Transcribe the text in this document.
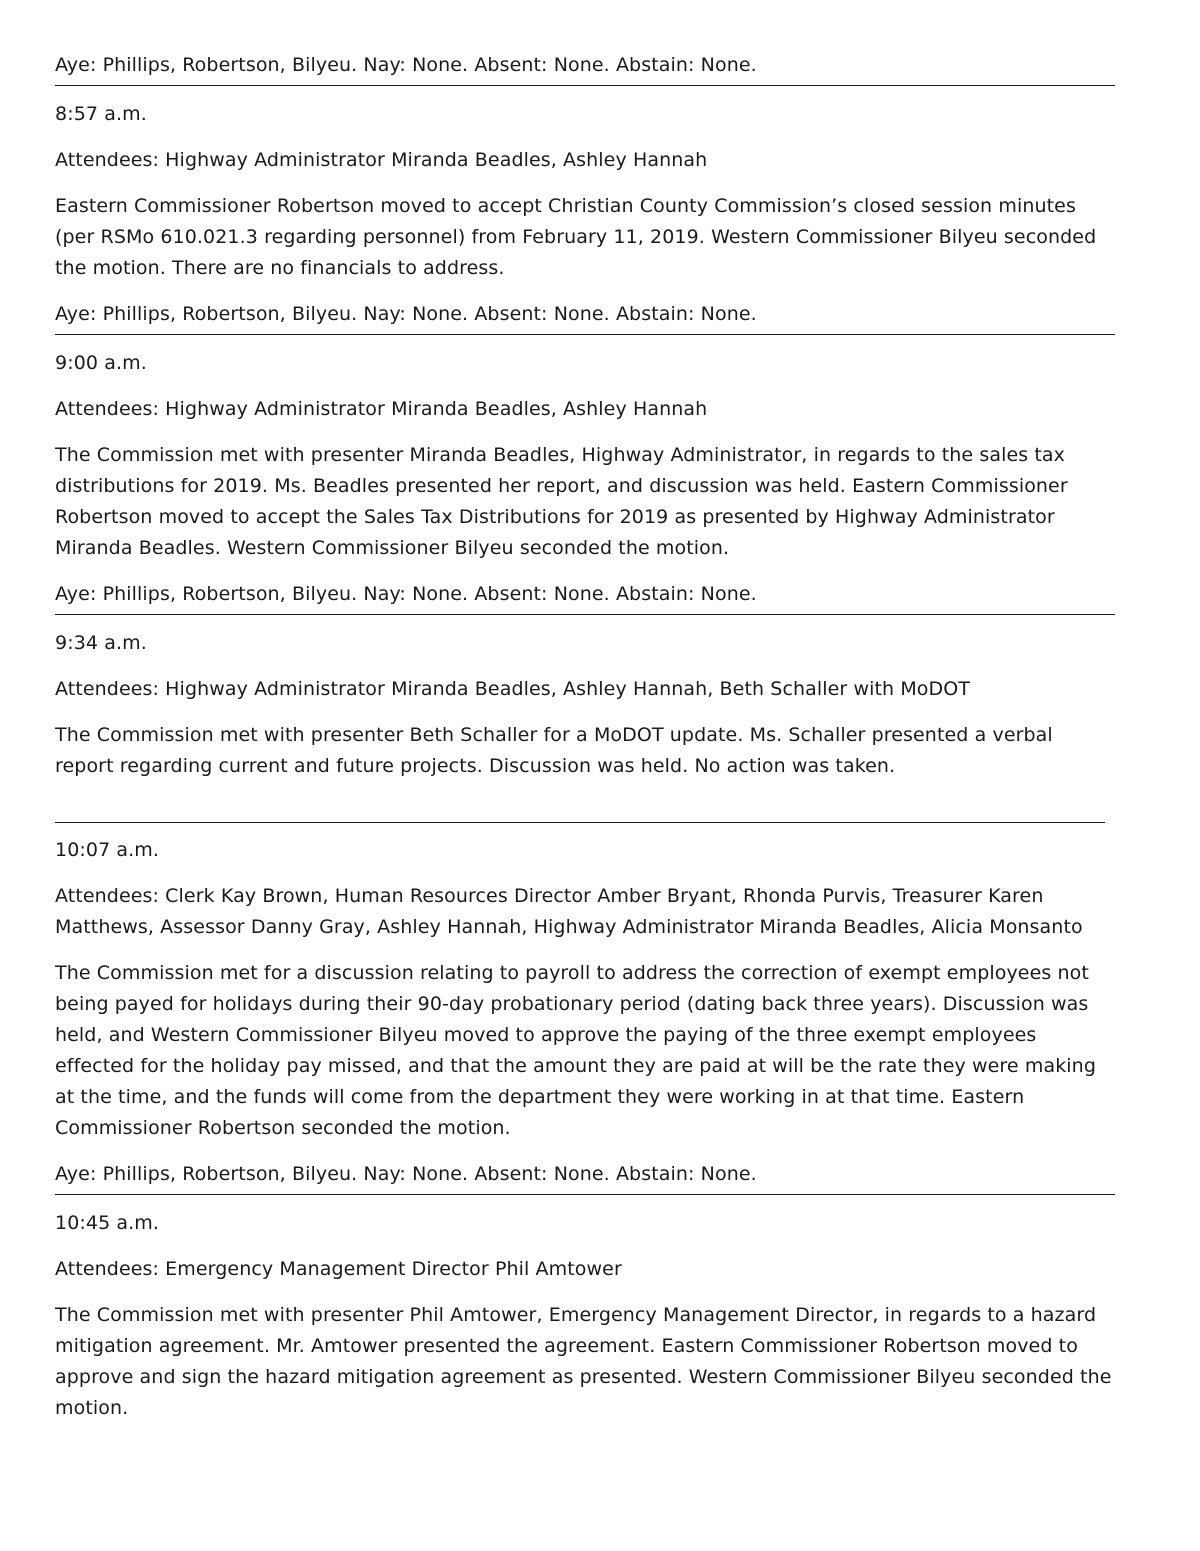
Aye: Phillips, Robertson, Bilyeu. Nay: None. Absent: None. Abstain: None.

8:57 a.m.

Attendees: Highway Administrator Miranda Beadles, Ashley Hannah

Eastern Commissioner Robertson moved to accept Christian County Commission’s closed session minutes (per RSMo 610.021.3 regarding personnel) from February 11, 2019. Western Commissioner Bilyeu seconded the motion. There are no financials to address.

Aye: Phillips, Robertson, Bilyeu. Nay: None. Absent: None. Abstain: None.

9:00 a.m.

Attendees: Highway Administrator Miranda Beadles, Ashley Hannah

The Commission met with presenter Miranda Beadles, Highway Administrator, in regards to the sales tax distributions for 2019. Ms. Beadles presented her report, and discussion was held. Eastern Commissioner Robertson moved to accept the Sales Tax Distributions for 2019 as presented by Highway Administrator Miranda Beadles. Western Commissioner Bilyeu seconded the motion.

Aye: Phillips, Robertson, Bilyeu. Nay: None. Absent: None. Abstain: None.

9:34 a.m.

Attendees: Highway Administrator Miranda Beadles, Ashley Hannah, Beth Schaller with MoDOT

The Commission met with presenter Beth Schaller for a MoDOT update. Ms. Schaller presented a verbal report regarding current and future projects. Discussion was held. No action was taken.

10:07 a.m.

Attendees: Clerk Kay Brown, Human Resources Director Amber Bryant, Rhonda Purvis, Treasurer Karen Matthews, Assessor Danny Gray, Ashley Hannah, Highway Administrator Miranda Beadles, Alicia Monsanto

The Commission met for a discussion relating to payroll to address the correction of exempt employees not being payed for holidays during their 90-day probationary period (dating back three years). Discussion was held, and Western Commissioner Bilyeu moved to approve the paying of the three exempt employees effected for the holiday pay missed, and that the amount they are paid at will be the rate they were making at the time, and the funds will come from the department they were working in at that time. Eastern Commissioner Robertson seconded the motion.

Aye: Phillips, Robertson, Bilyeu. Nay: None. Absent: None. Abstain: None.

10:45 a.m.

Attendees: Emergency Management Director Phil Amtower

The Commission met with presenter Phil Amtower, Emergency Management Director, in regards to a hazard mitigation agreement. Mr. Amtower presented the agreement. Eastern Commissioner Robertson moved to approve and sign the hazard mitigation agreement as presented. Western Commissioner Bilyeu seconded the motion.
